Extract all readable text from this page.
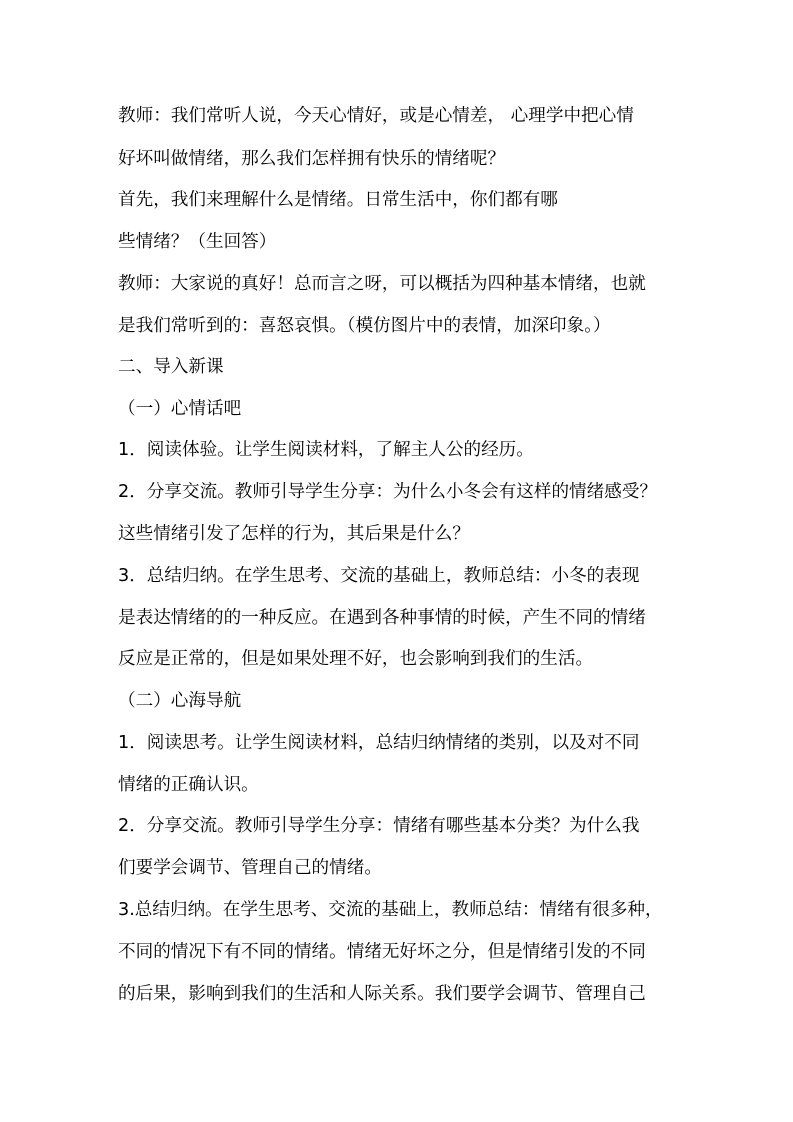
教师：我们常听人说，今天心情好，或是心情差， 心理学中把心情
好坏叫做情绪，那么我们怎样拥有快乐的情绪呢？
首先，我们来理解什么是情绪。日常生活中，你们都有哪
些情绪？（生回答）
教师：大家说的真好！总而言之呀，可以概括为四种基本情绪，也就
是我们常听到的：喜怒哀惧。（模仿图片中的表情，加深印象。）
二、导入新课
（一）心情话吧
1．阅读体验。让学生阅读材料，了解主人公的经历。
2．分享交流。教师引导学生分享：为什么小冬会有这样的情绪感受？
这些情绪引发了怎样的行为，其后果是什么？
3．总结归纳。在学生思考、交流的基础上，教师总结：小冬的表现
是表达情绪的的一种反应。在遇到各种事情的时候，产生不同的情绪
反应是正常的，但是如果处理不好，也会影响到我们的生活。
（二）心海导航
1．阅读思考。让学生阅读材料，总结归纳情绪的类别，以及对不同
情绪的正确认识。
2．分享交流。教师引导学生分享：情绪有哪些基本分类？为什么我
们要学会调节、管理自己的情绪。
3.总结归纳。在学生思考、交流的基础上，教师总结：情绪有很多种，
不同的情况下有不同的情绪。情绪无好坏之分，但是情绪引发的不同
的后果，影响到我们的生活和人际关系。我们要学会调节、管理自己
